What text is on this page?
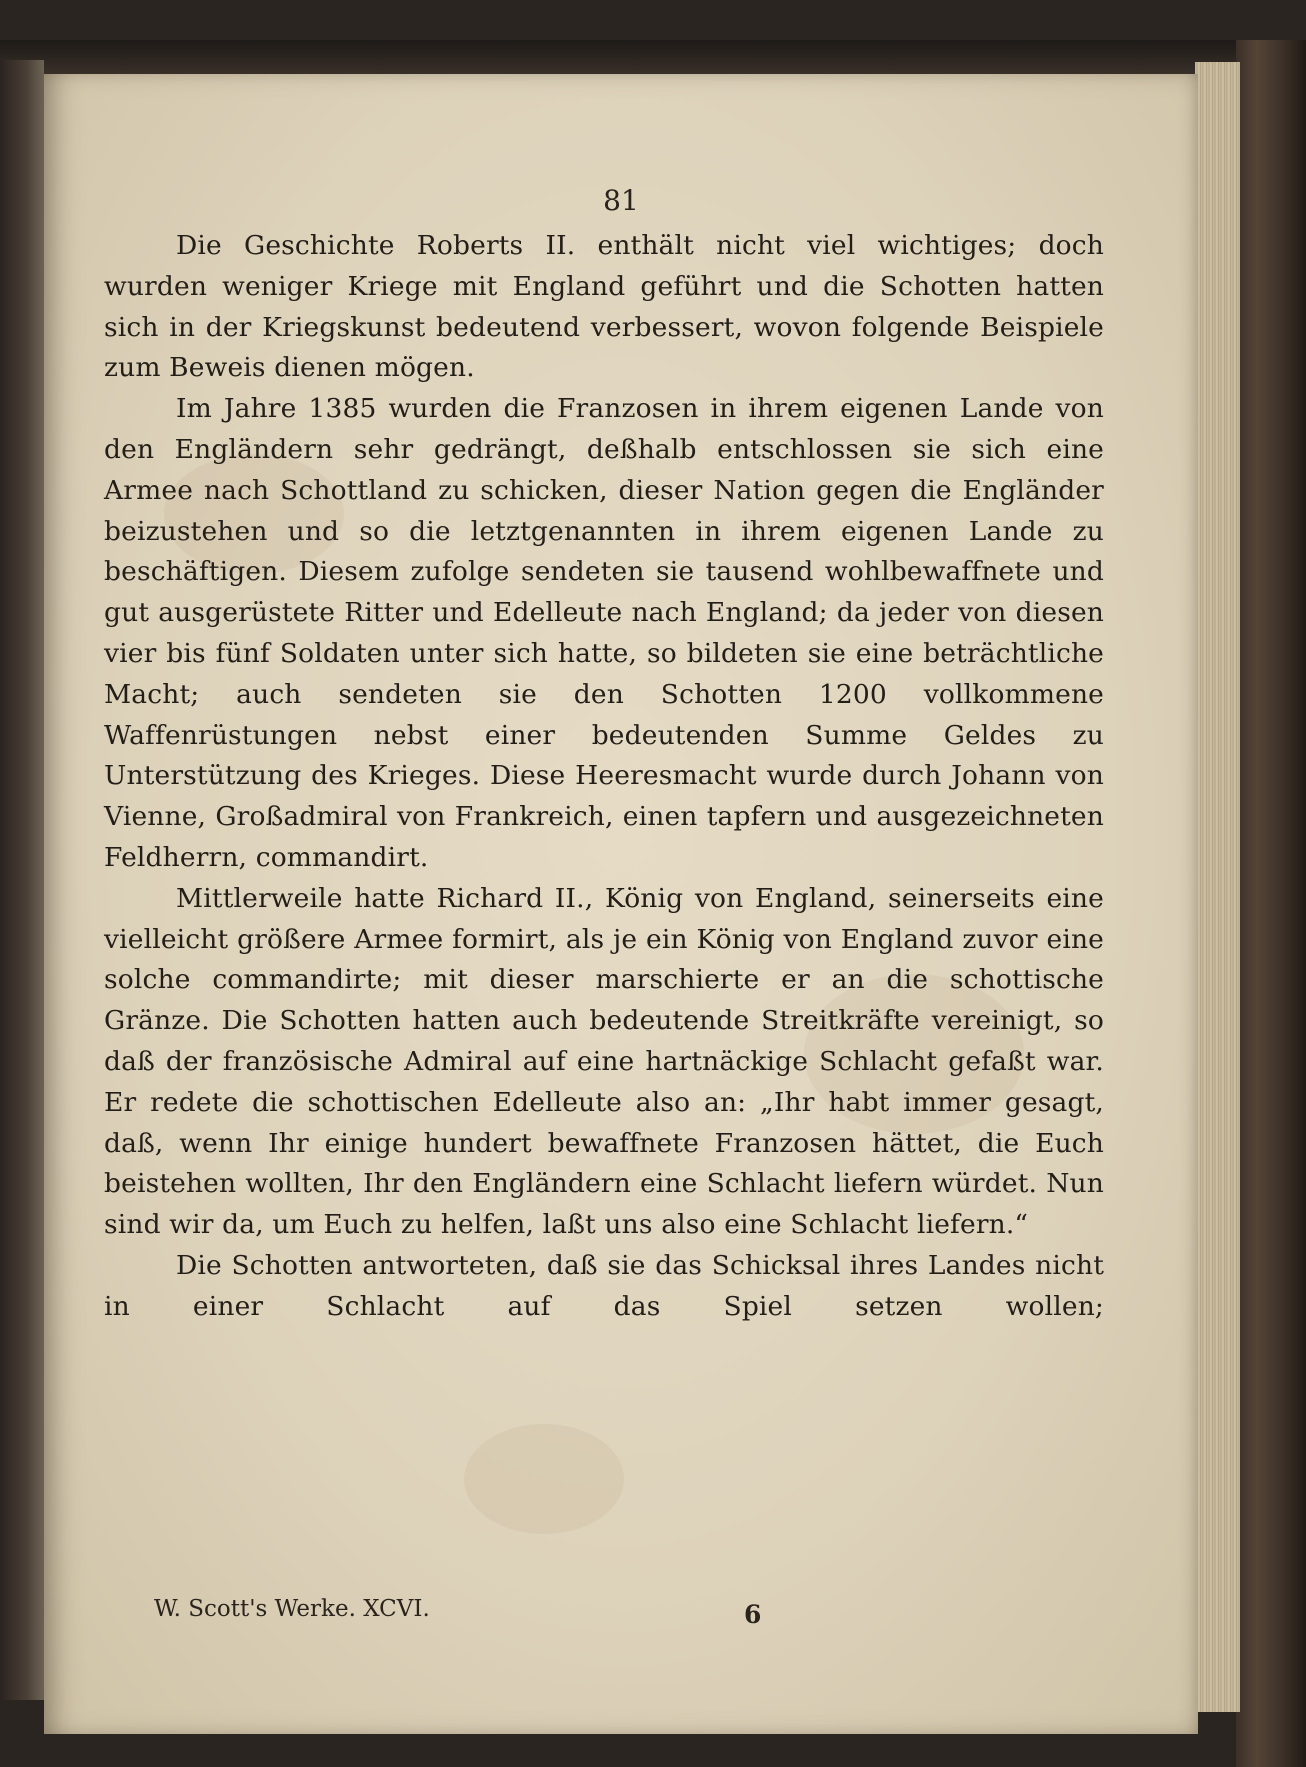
81

Die Geschichte Roberts II. enthält nicht viel wichtiges; doch wurden weniger Kriege mit England geführt und die Schotten hatten sich in der Kriegskunst bedeutend verbessert, wovon folgende Beispiele zum Beweis dienen mögen.

Im Jahre 1385 wurden die Franzosen in ihrem eigenen Lande von den Engländern sehr gedrängt, deßhalb entschlossen sie sich eine Armee nach Schottland zu schicken, dieser Nation gegen die Engländer beizustehen und so die letztgenannten in ihrem eigenen Lande zu beschäftigen. Diesem zufolge sendeten sie tausend wohlbewaffnete und gut ausgerüstete Ritter und Edelleute nach England; da jeder von diesen vier bis fünf Soldaten unter sich hatte, so bildeten sie eine beträchtliche Macht; auch sendeten sie den Schotten 1200 vollkommene Waffenrüstungen nebst einer bedeutenden Summe Geldes zu Unterstützung des Krieges. Diese Heeresmacht wurde durch Johann von Vienne, Großadmiral von Frankreich, einen tapfern und ausgezeichneten Feldherrn, commandirt.

Mittlerweile hatte Richard II., König von England, seinerseits eine vielleicht größere Armee formirt, als je ein König von England zuvor eine solche commandirte; mit dieser marschierte er an die schottische Gränze. Die Schotten hatten auch bedeutende Streitkräfte vereinigt, so daß der französische Admiral auf eine hartnäckige Schlacht gefaßt war. Er redete die schottischen Edelleute also an: „Ihr habt immer gesagt, daß, wenn Ihr einige hundert bewaffnete Franzosen hättet, die Euch beistehen wollten, Ihr den Engländern eine Schlacht liefern würdet. Nun sind wir da, um Euch zu helfen, laßt uns also eine Schlacht liefern.“

Die Schotten antworteten, daß sie das Schicksal ihres Landes nicht in einer Schlacht auf das Spiel setzen wollen;

W. Scott's Werke. XCVI.	6
